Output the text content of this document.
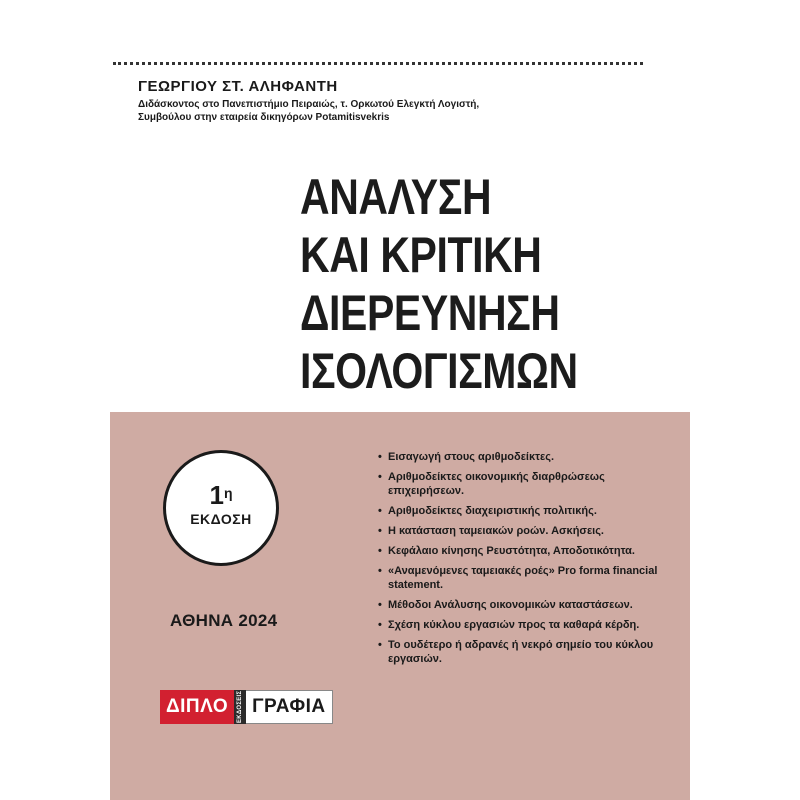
ΓΕΩΡΓΙΟΥ ΣΤ. ΑΛΗΦΑΝΤΗ
Διδάσκοντος στο Πανεπιστήμιο Πειραιώς, τ. Ορκωτού Ελεγκτή Λογιστή,
Συμβούλου στην εταιρεία δικηγόρων Potamitisvekris
ΑΝΑΛΥΣΗ
ΚΑΙ ΚΡΙΤΙΚΗ
ΔΙΕΡΕΥΝΗΣΗ
ΙΣΟΛΟΓΙΣΜΩΝ
$1^\eta$
ΕΚΔΟΣΗ
ΑΘΗΝΑ 2024
ΔΙΠΛΟ	ΕΚΔΟΣΕΙΣ ΓΡΑΦΙΑ
• Εισαγωγή στους αριθμοδείκτες.
• Αριθμοδείκτες οικονομικής διαρθρώσεως επιχειρήσεων.
• Αριθμοδείκτες διαχειριστικής πολιτικής.
• Η κατάσταση ταμειακών ροών. Ασκήσεις.
• Κεφάλαιο κίνησης Ρευστότητα, Αποδοτικότητα.
• «Αναμενόμενες ταμειακές ροές» Pro forma financial statement.
• Μέθοδοι Ανάλυσης οικονομικών καταστάσεων.
• Σχέση κύκλου εργασιών προς τα καθαρά κέρδη.
• Το ουδέτερο ή αδρανές ή νεκρό σημείο του κύκλου εργασιών.
